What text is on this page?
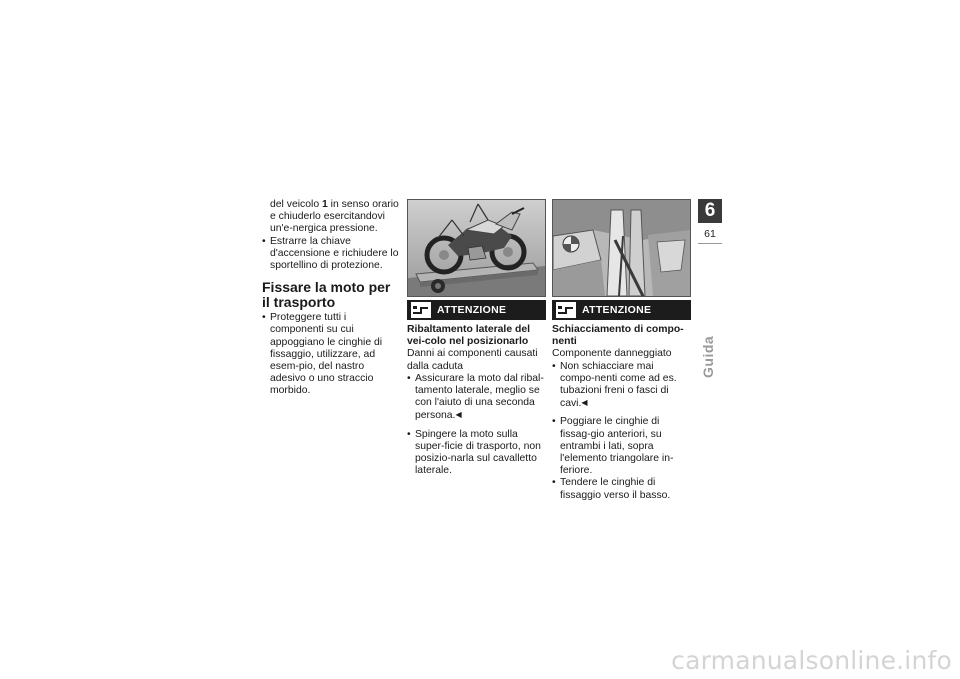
del veicolo 1 in senso orario e chiuderlo esercitandovi un'e-nergica pressione.
• Estrarre la chiave d'accensione e richiudere lo sportellino di protezione.
Fissare la moto per il trasporto
• Proteggere tutti i componenti su cui appoggiano le cinghie di fissaggio, utilizzare, ad esem-pio, del nastro adesivo o uno straccio morbido.
ATTENZIONE
Ribaltamento laterale del vei-colo nel posizionarlo
Danni ai componenti causati dalla caduta
• Assicurare la moto dal ribal-tamento laterale, meglio se con l'aiuto di una seconda persona.◀
• Spingere la moto sulla super-ficie di trasporto, non posizio-narla sul cavalletto laterale.
ATTENZIONE
Schiacciamento di compo-nenti
Componente danneggiato
• Non schiacciare mai compo-nenti come ad es. tubazioni freni o fasci di cavi.◀
• Poggiare le cinghie di fissag-gio anteriori, su entrambi i lati, sopra l'elemento triangolare in-feriore.
• Tendere le cinghie di fissaggio verso il basso.
6
61
Guida
carmanualsonline.info
